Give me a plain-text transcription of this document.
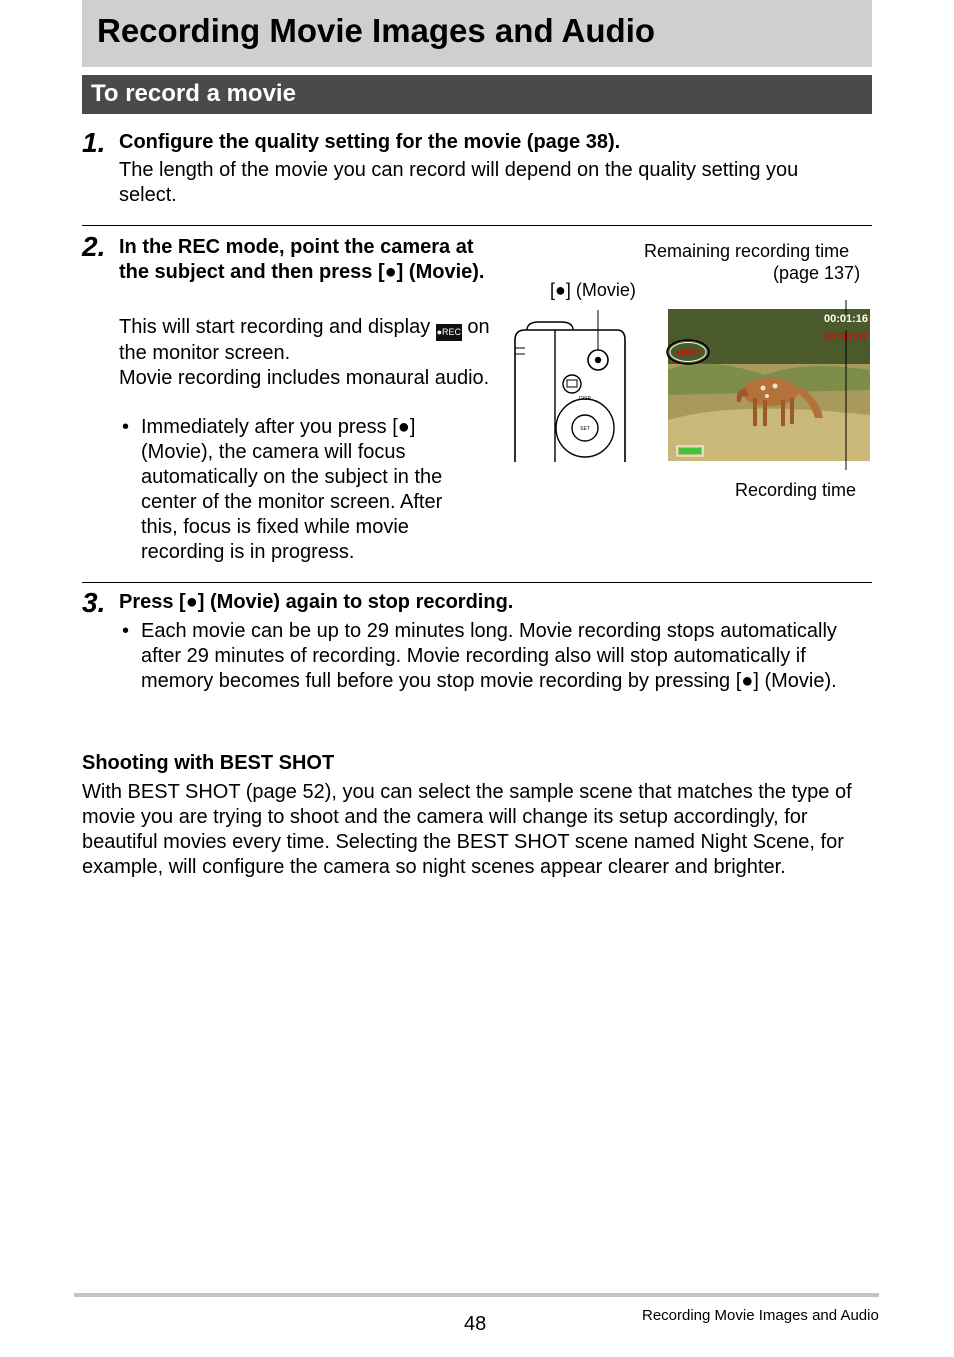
Recording Movie Images and Audio
To record a movie
1. Configure the quality setting for the movie (page 38).
The length of the movie you can record will depend on the quality setting you select.
2. In the REC mode, point the camera at the subject and then press [●] (Movie).
This will start recording and display ●REC on the monitor screen.
Movie recording includes monaural audio.
• Immediately after you press [●] (Movie), the camera will focus automatically on the subject in the center of the monitor screen. After this, focus is fixed while movie recording is in progress.
[●] (Movie)
Remaining recording time
(page 137)
Recording time
DISP
SET
00:01:16
00:00:07
●REC
3. Press [●] (Movie) again to stop recording.
• Each movie can be up to 29 minutes long. Movie recording stops automatically after 29 minutes of recording. Movie recording also will stop automatically if memory becomes full before you stop movie recording by pressing [●] (Movie).
Shooting with BEST SHOT
With BEST SHOT (page 52), you can select the sample scene that matches the type of movie you are trying to shoot and the camera will change its setup accordingly, for beautiful movies every time. Selecting the BEST SHOT scene named Night Scene, for example, will configure the camera so night scenes appear clearer and brighter.
48	Recording Movie Images and Audio
